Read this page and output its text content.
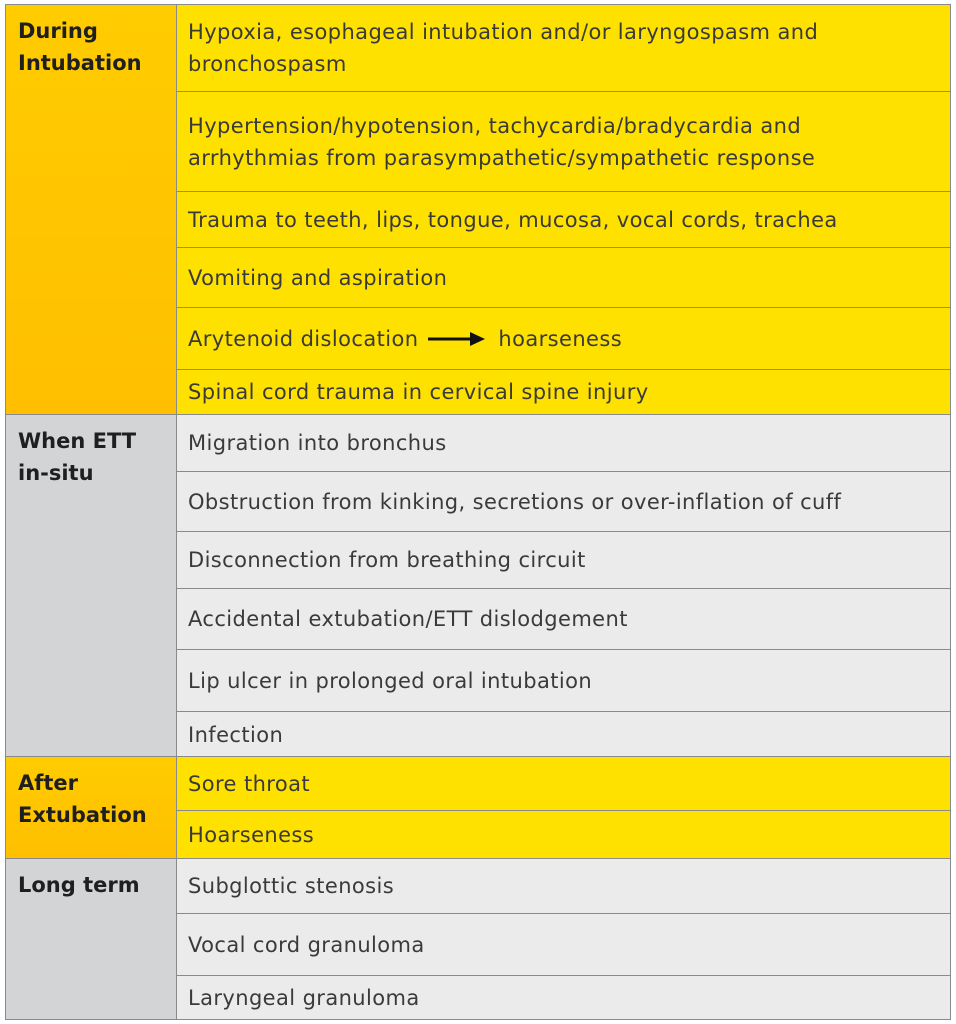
During
Intubation
Hypoxia, esophageal intubation and/or laryngospasm and bronchospasm
Hypertension/hypotension, tachycardia/bradycardia and arrhythmias from parasympathetic/sympathetic response
Trauma to teeth, lips, tongue, mucosa, vocal cords, trachea
Vomiting and aspiration
Arytenoid dislocation	hoarseness
Spinal cord trauma in cervical spine injury
When ETT
in-situ
Migration into bronchus
Obstruction from kinking, secretions or over-inflation of cuff
Disconnection from breathing circuit
Accidental extubation/ETT dislodgement
Lip ulcer in prolonged oral intubation
Infection
After
Extubation
Sore throat
Hoarseness
Long term	Subglottic stenosis
Vocal cord granuloma
Laryngeal granuloma
